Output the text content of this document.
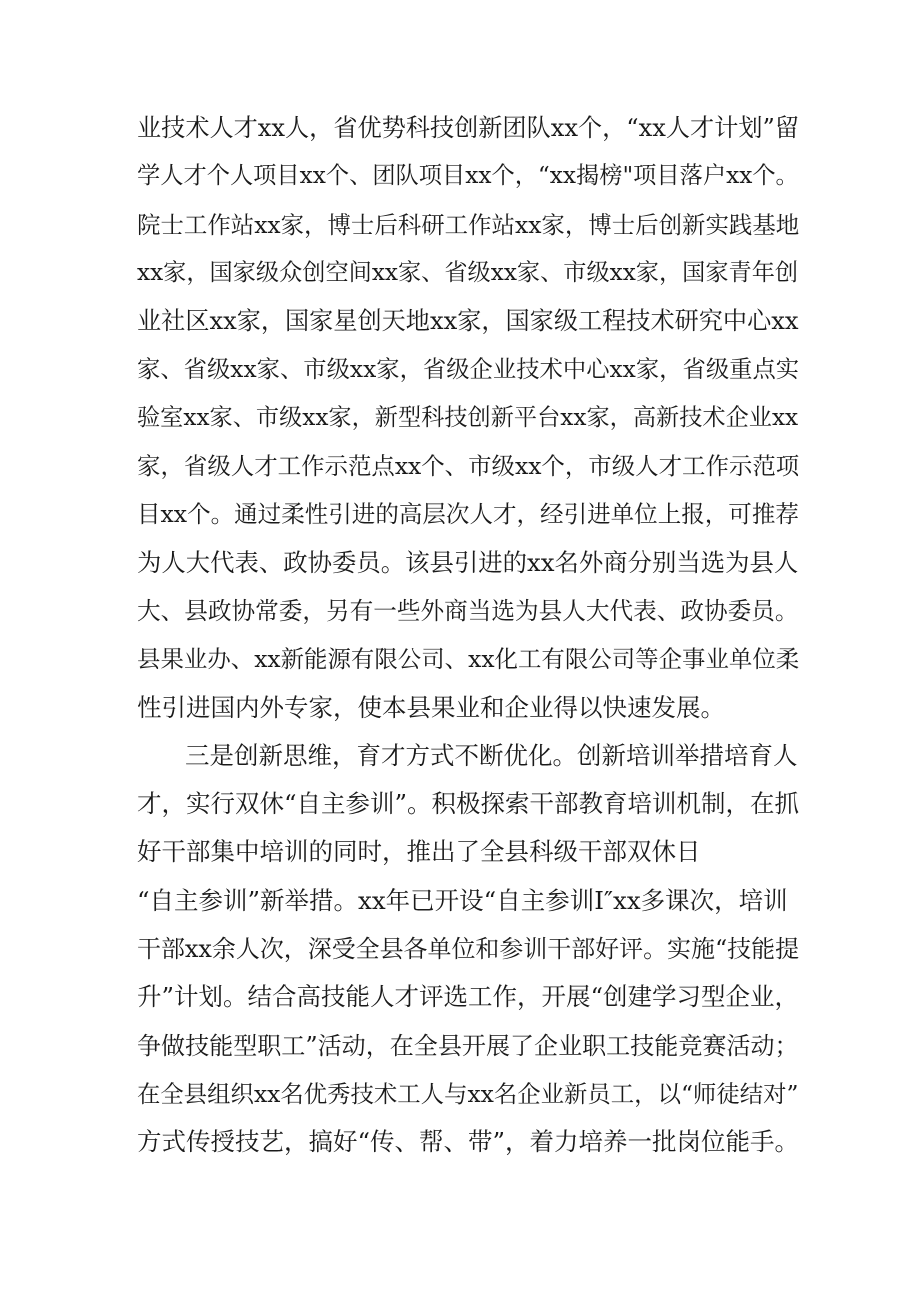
业技术人才xx人，省优势科技创新团队xx个，“xx人才计划”留
学人才个人项目xx个、团队项目xx个，“xx揭榜"项目落户xx个。
院士工作站xx家，博士后科研工作站xx家，博士后创新实践基地
xx家，国家级众创空间xx家、省级xx家、市级xx家，国家青年创
业社区xx家，国家星创天地xx家，国家级工程技术研究中心xx
家、省级xx家、市级xx家，省级企业技术中心xx家，省级重点实
验室xx家、市级xx家，新型科技创新平台xx家，高新技术企业xx
家，省级人才工作示范点xx个、市级xx个，市级人才工作示范项
目xx个。通过柔性引进的高层次人才，经引进单位上报，可推荐
为人大代表、政协委员。该县引进的xx名外商分别当选为县人
大、县政协常委，另有一些外商当选为县人大代表、政协委员。
县果业办、xx新能源有限公司、xx化工有限公司等企事业单位柔
性引进国内外专家，使本县果业和企业得以快速发展。
三是创新思维，育才方式不断优化。创新培训举措培育人
才，实行双休“自主参训”。积极探索干部教育培训机制，在抓
好干部集中培训的同时，推出了全县科级干部双休日
“自主参训”新举措。xx年已开设“自主参训I″xx多课次，培训
干部xx余人次，深受全县各单位和参训干部好评。实施“技能提
升”计划。结合高技能人才评选工作，开展“创建学习型企业，
争做技能型职工”活动，在全县开展了企业职工技能竞赛活动；
在全县组织xx名优秀技术工人与xx名企业新员工，以“师徒结对”
方式传授技艺，搞好“传、帮、带”，着力培养一批岗位能手。
